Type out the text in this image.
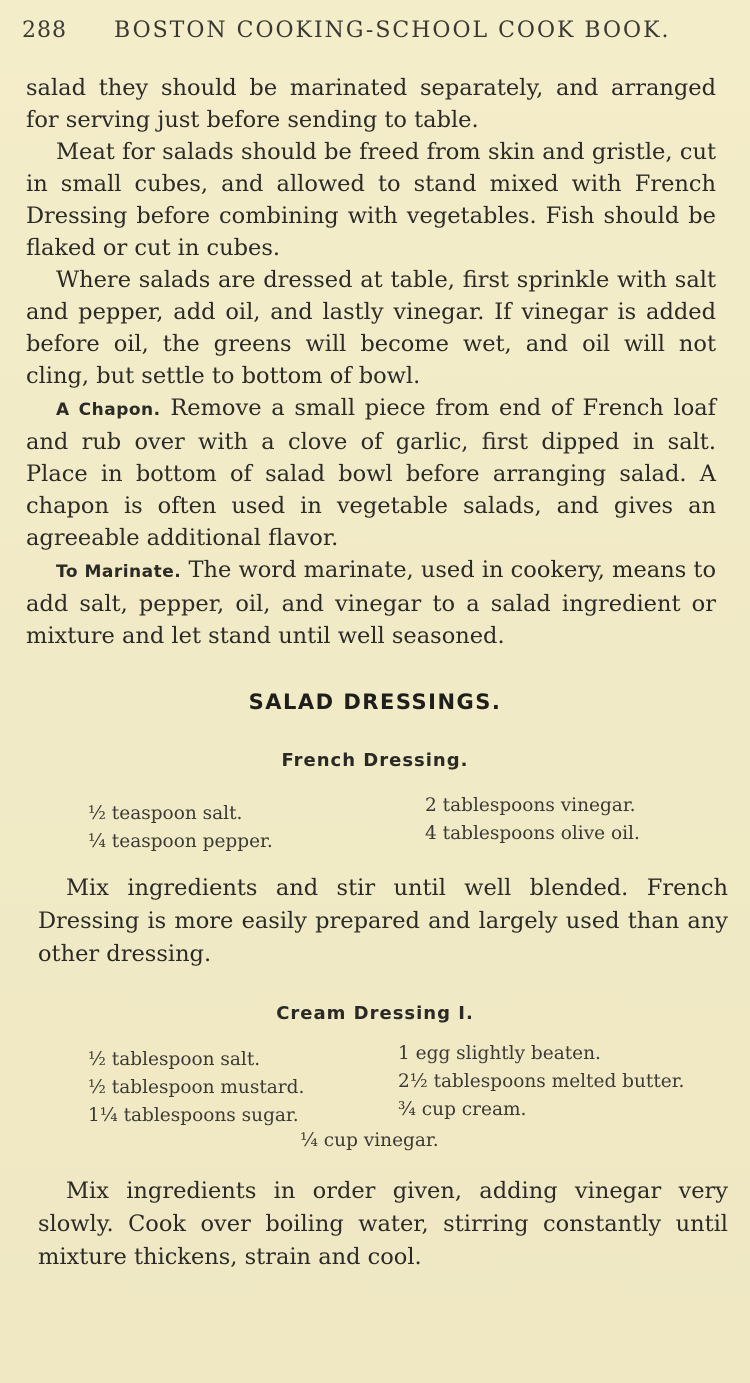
288 BOSTON COOKING-SCHOOL COOK BOOK.

salad they should be marinated separately, and arranged for serving just before sending to table.

Meat for salads should be freed from skin and gristle, cut in small cubes, and allowed to stand mixed with French Dressing before combining with vegetables. Fish should be flaked or cut in cubes.

Where salads are dressed at table, first sprinkle with salt and pepper, add oil, and lastly vinegar. If vinegar is added before oil, the greens will become wet, and oil will not cling, but settle to bottom of bowl.

A Chapon. Remove a small piece from end of French loaf and rub over with a clove of garlic, first dipped in salt. Place in bottom of salad bowl before arranging salad. A chapon is often used in vegetable salads, and gives an agreeable additional flavor.

To Marinate. The word marinate, used in cookery, means to add salt, pepper, oil, and vinegar to a salad ingredient or mixture and let stand until well seasoned.

SALAD DRESSINGS.
French Dressing.
½ teaspoon salt.
¼ teaspoon pepper.
2 tablespoons vinegar.
4 tablespoons olive oil.
Mix ingredients and stir until well blended. French Dressing is more easily prepared and largely used than any other dressing.
Cream Dressing I.
½ tablespoon salt.
½ tablespoon mustard.
1¼ tablespoons sugar.
1 egg slightly beaten.
2½ tablespoons melted butter.
¾ cup cream.
¼ cup vinegar.
Mix ingredients in order given, adding vinegar very slowly. Cook over boiling water, stirring constantly until mixture thickens, strain and cool.
